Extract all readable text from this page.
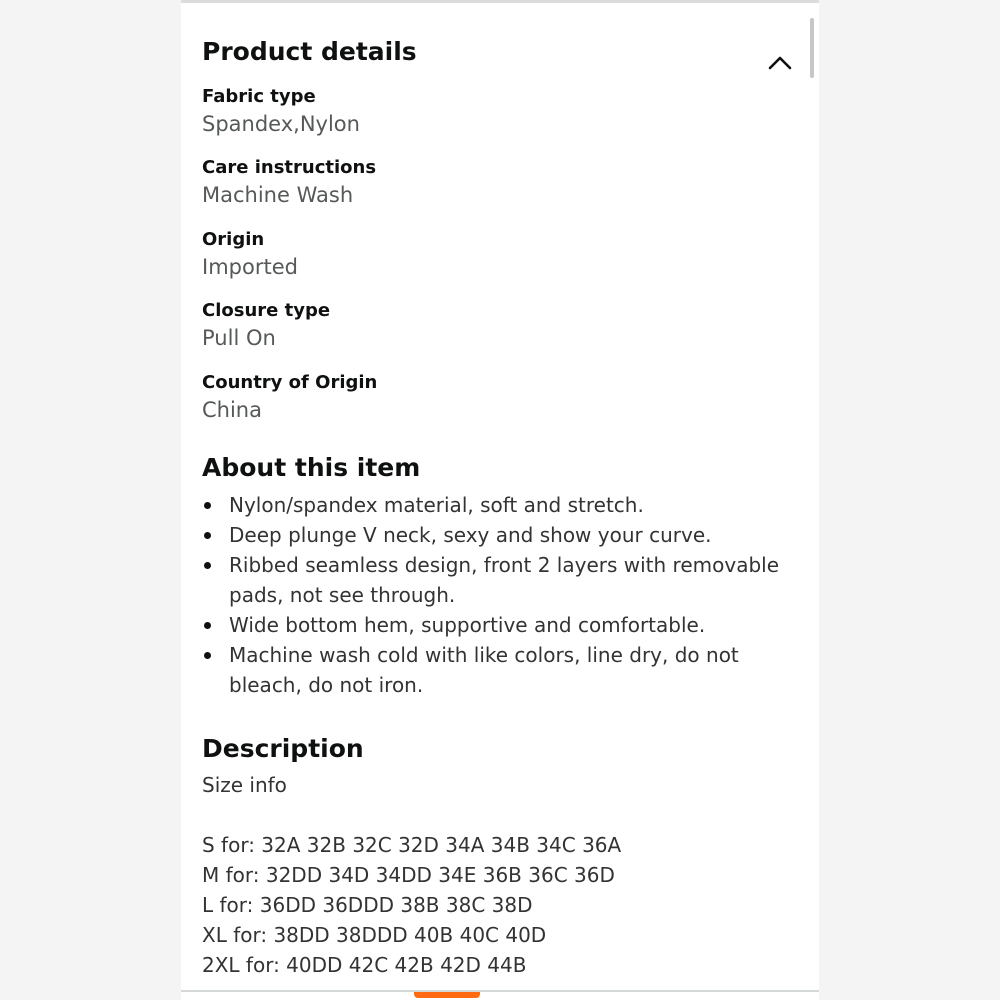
Product details
Fabric type
Spandex,Nylon
Care instructions
Machine Wash
Origin
Imported
Closure type
Pull On
Country of Origin
China
About this item
Nylon/spandex material, soft and stretch.
Deep plunge V neck, sexy and show your curve.
Ribbed seamless design, front 2 layers with removable pads, not see through.
Wide bottom hem, supportive and comfortable.
Machine wash cold with like colors, line dry, do not bleach, do not iron.
Description
Size info
S for: 32A 32B 32C 32D 34A 34B 34C 36A
M for: 32DD 34D 34DD 34E 36B 36C 36D
L for: 36DD 36DDD 38B 38C 38D
XL for: 38DD 38DDD 40B 40C 40D
2XL for: 40DD 42C 42B 42D 44B
